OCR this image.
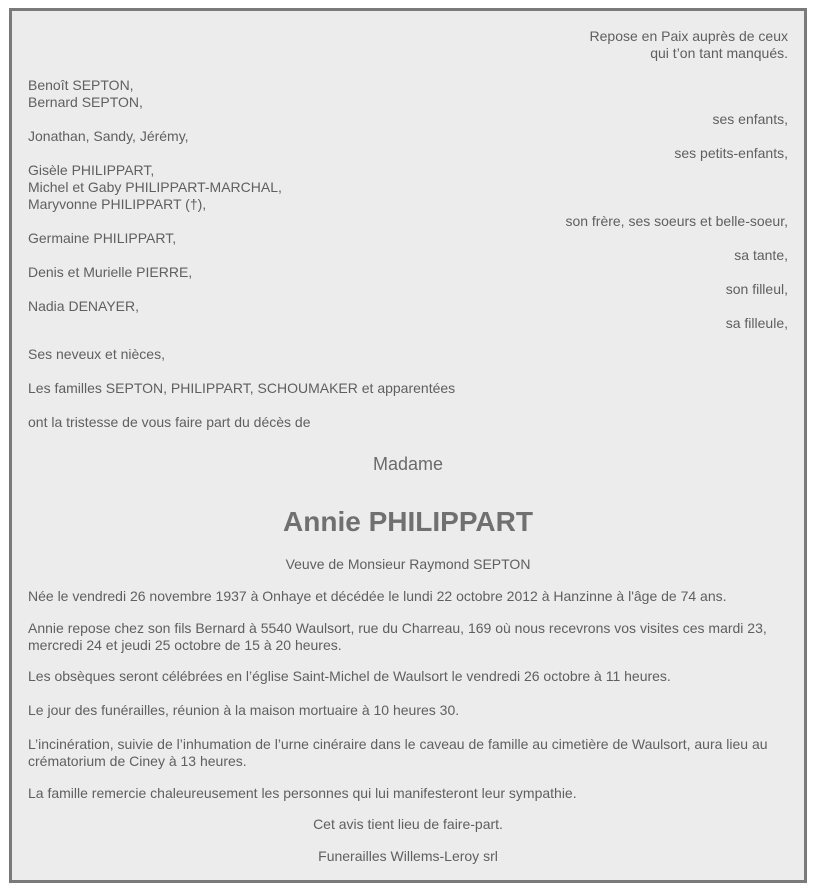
Repose en Paix auprès de ceux
qui t’on tant manqués.
Benoît SEPTON,
Bernard SEPTON,
ses enfants,
Jonathan, Sandy, Jérémy,
ses petits-enfants,
Gisèle PHILIPPART,
Michel et Gaby PHILIPPART-MARCHAL,
Maryvonne PHILIPPART (†),
son frère, ses soeurs et belle-soeur,
Germaine PHILIPPART,
sa tante,
Denis et Murielle PIERRE,
son filleul,
Nadia DENAYER,
sa filleule,
Ses neveux et nièces,
Les familles SEPTON, PHILIPPART, SCHOUMAKER et apparentées
ont la tristesse de vous faire part du décès de
Madame
Annie PHILIPPART
Veuve de Monsieur Raymond SEPTON
Née le vendredi 26 novembre 1937 à Onhaye et décédée le lundi 22 octobre 2012 à Hanzinne à l'âge de 74 ans.
Annie repose chez son fils Bernard à 5540 Waulsort, rue du Charreau, 169 où nous recevrons vos visites ces mardi 23, mercredi 24 et jeudi 25 octobre de 15 à 20 heures.
Les obsèques seront célébrées en l’église Saint-Michel de Waulsort le vendredi 26 octobre à 11 heures.
Le jour des funérailles, réunion à la maison mortuaire à 10 heures 30.
L’incinération, suivie de l’inhumation de l’urne cinéraire dans le caveau de famille au cimetière de Waulsort, aura lieu au crématorium de Ciney à 13 heures.
La famille remercie chaleureusement les personnes qui lui manifesteront leur sympathie.
Cet avis tient lieu de faire-part.
Funerailles Willems-Leroy srl
